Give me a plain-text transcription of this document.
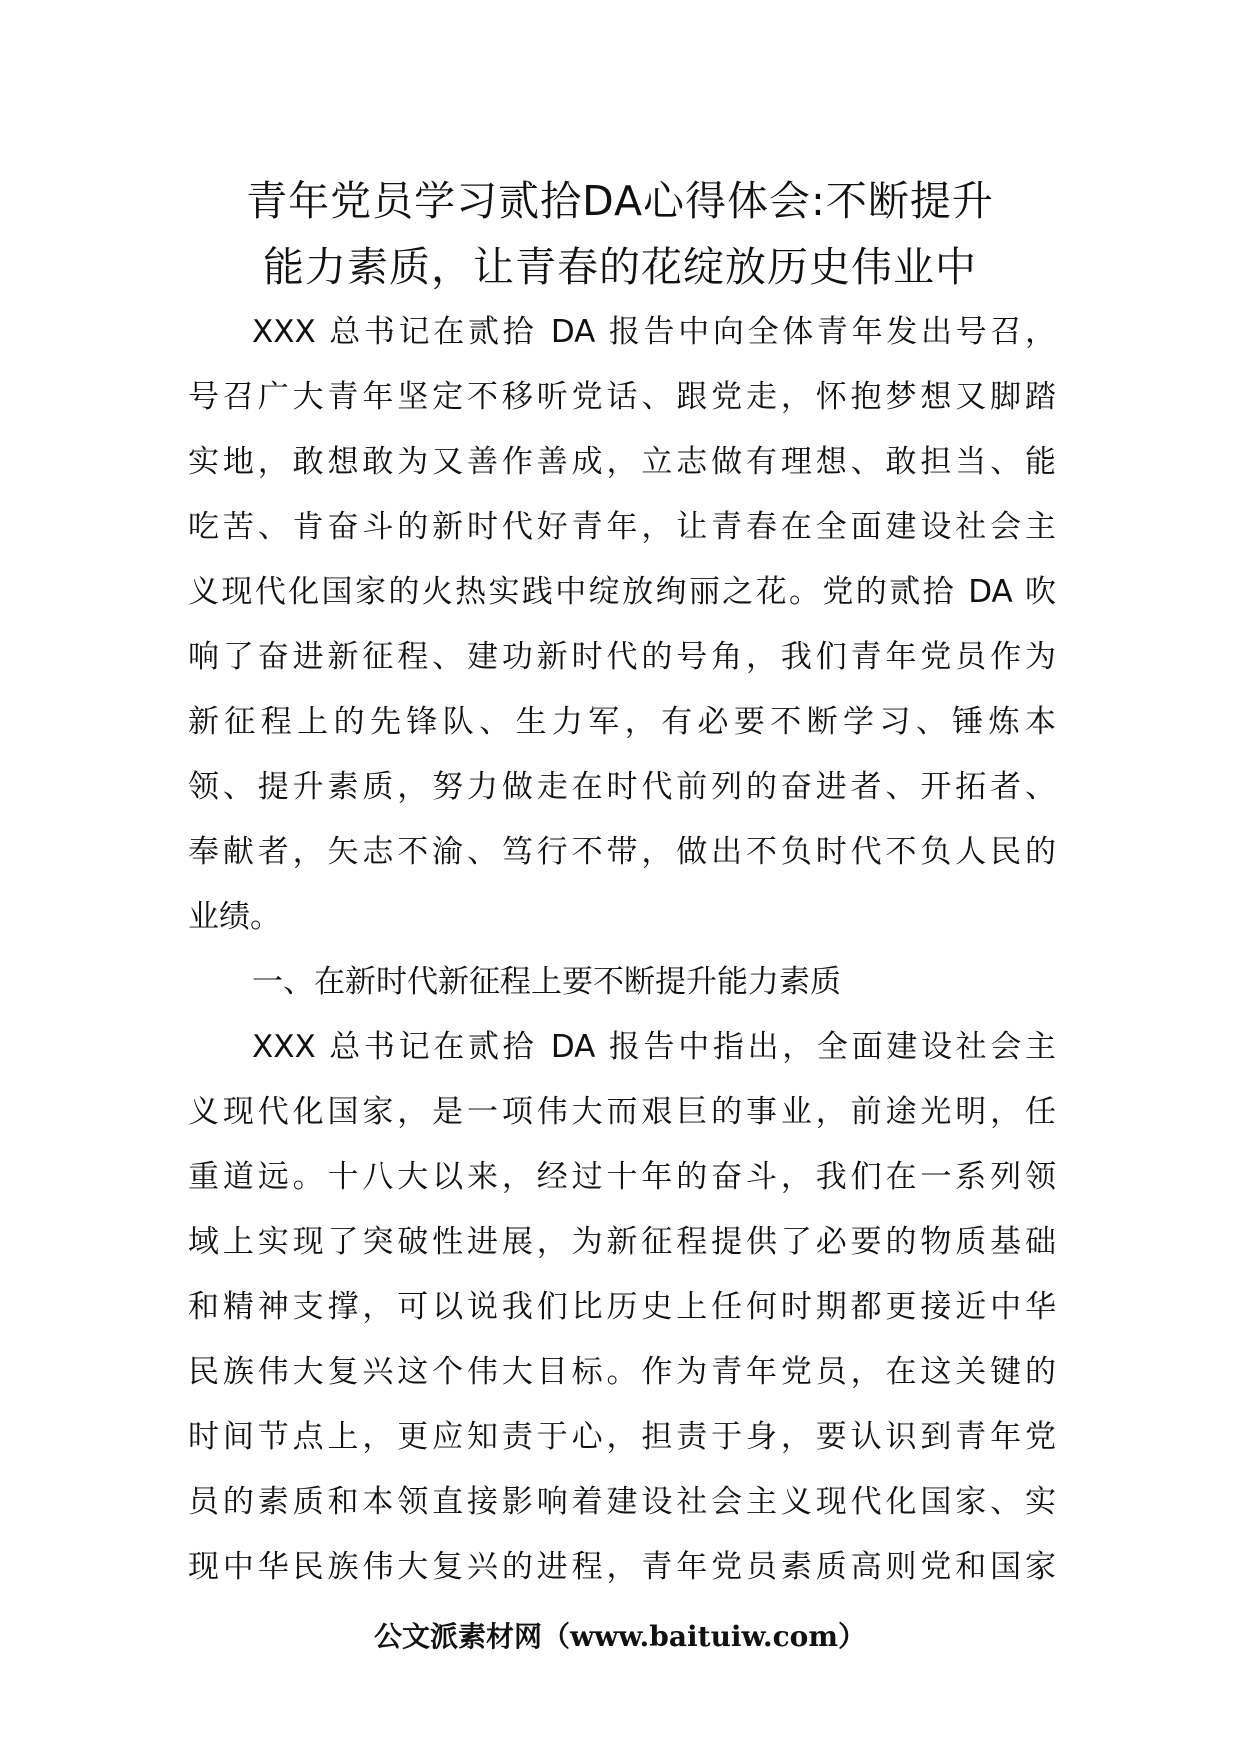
青年党员学习贰拾DA心得体会:不断提升
能力素质，让青春的花绽放历史伟业中
XXX 总书记在贰拾 DA 报告中向全体青年发出号召，
号召广大青年坚定不移听党话、跟党走，怀抱梦想又脚踏
实地，敢想敢为又善作善成，立志做有理想、敢担当、能
吃苦、肯奋斗的新时代好青年，让青春在全面建设社会主
义现代化国家的火热实践中绽放绚丽之花。党的贰拾 DA 吹
响了奋进新征程、建功新时代的号角，我们青年党员作为
新征程上的先锋队、生力军，有必要不断学习、锤炼本
领、提升素质，努力做走在时代前列的奋进者、开拓者、
奉献者，矢志不渝、笃行不带，做出不负时代不负人民的
业绩。
一、在新时代新征程上要不断提升能力素质
XXX 总书记在贰拾 DA 报告中指出，全面建设社会主
义现代化国家，是一项伟大而艰巨的事业，前途光明，任
重道远。十八大以来，经过十年的奋斗，我们在一系列领
域上实现了突破性进展，为新征程提供了必要的物质基础
和精神支撑，可以说我们比历史上任何时期都更接近中华
民族伟大复兴这个伟大目标。作为青年党员，在这关键的
时间节点上，更应知责于心，担责于身，要认识到青年党
员的素质和本领直接影响着建设社会主义现代化国家、实
现中华民族伟大复兴的进程，青年党员素质高则党和国家
公文派素材网（www.baituiw.com）
